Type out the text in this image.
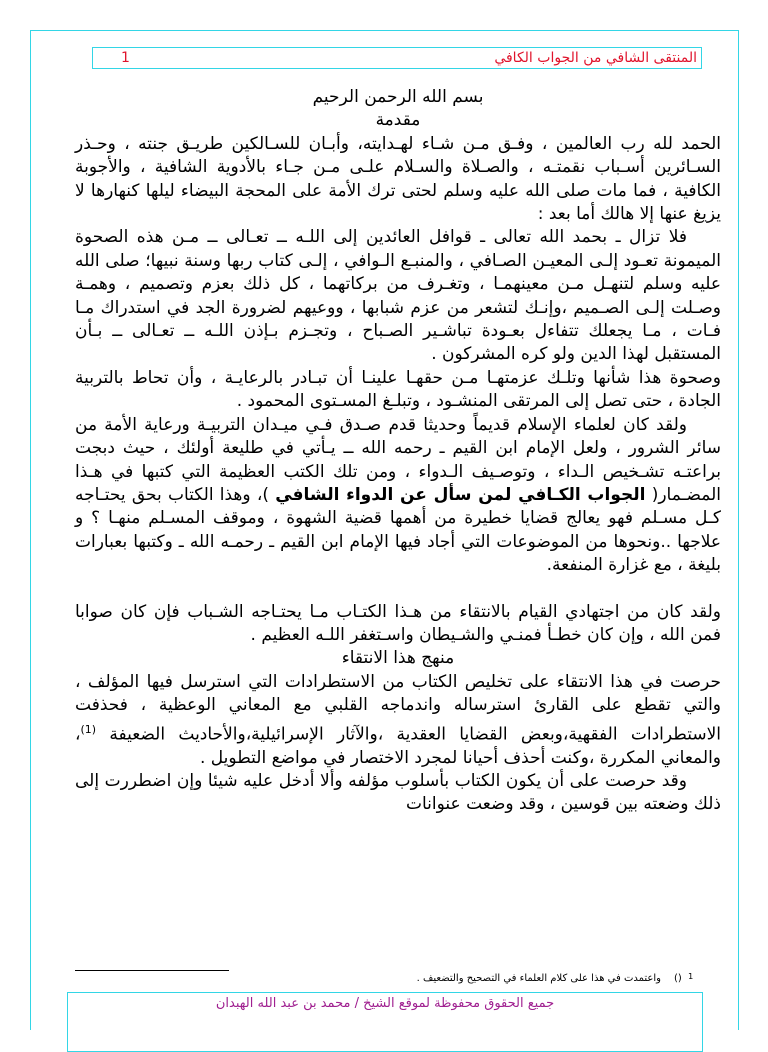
المنتقى الشافي من الجواب الكافي
1

بسم الله الرحمن الرحيم

مقدمة

الحمد لله رب العالمين ، وفـق مـن شـاء لهـدايته، وأبـان للسـالكين طريـق جنته ، وحـذر السـائرين أسـباب نقمتـه ، والصـلاة والسـلام علـى مـن جـاء بالأدوية الشافية ، والأجوبة الكافية ، فما مات صلى الله عليه وسلم لحتى ترك الأمة على المحجة البيضاء ليلها كنهارها لا يزيغ عنها إلا هالك أما بعد :

فلا تزال ـ بحمد الله تعالى ـ قوافل العائدين إلى اللـه ــ تعـالى ــ مـن هذه الصحوة الميمونة تعـود إلـى المعيـن الصـافي ، والمنبـع الـوافي ، إلـى كتاب ربها وسنة نبيها؛ صلى الله عليه وسلم لتنهـل مـن معينهمـا ، وتغـرف من بركاتهما ، كل ذلك بعزم وتصميم ، وهمـة وصـلت إلـى الصـميم ،وإنـك لتشعر من عزم شبابها ، ووعيهم لضرورة الجد في استدراك مـا فـات ، مـا يجعلك تتفاءل بعـودة تباشـير الصـباح ، وتجـزم بـإذن اللـه ــ تعـالى ــ بـأن المستقبل لهذا الدين ولو كره المشركون .

وصحوة هذا شأنها وتلـك عزمتهـا مـن حقهـا علينـا أن تبـادر بالرعايـة ، وأن تحاط بالتربية الجادة ، حتى تصل إلى المرتقى المنشـود ، وتبلـغ المسـتوى المحمود .

ولقد كان لعلماء الإسلام قديماً وحديثا قدم صـدق فـي ميـدان التربيـة ورعاية الأمة من سائر الشرور ، ولعل الإمام ابن القيم ـ رحمه الله ــ يـأتي في طليعة أولئك ، حيث دبجت براعتـه تشـخيص الـداء ، وتوصـيف الـدواء ، ومن تلك الكتب العظيمة التي كتبها في هـذا المضـمار( الجواب الكـافي لمن سأل عن الدواء الشافي )، وهذا الكتاب بحق يحتـاجه كـل مسـلم فهو يعالج قضايا خطيرة من أهمها قضية الشهوة ، وموقف المسـلم منهـا ؟ و علاجها ..ونحوها من الموضوعات التي أجاد فيها الإمام ابن القيم ـ رحمـه الله ـ وكتبها بعبارات بليغة ، مع غزارة المنفعة.

ولقد كان من اجتهادي القيام بالانتقاء من هـذا الكتـاب مـا يحتـاجه الشـباب فإن كان صوابا فمن الله ، وإن كان خطـأ فمنـي والشـيطان واسـتغفر اللـه العظيم .

منهج هذا الانتقاء

حرصت في هذا الانتقاء على تخليص الكتاب من الاستطرادات التي استرسل فيها المؤلف ، والتي تقطع على القارئ استرساله واندماجه القلبي مع المعاني الوعظية ، فحذفت الاستطرادات الفقهية،وبعض القضايا العقدية ،والآثار الإسرائيلية،والأحاديث الضعيفة $^{(1)}$، والمعاني المكررة ،وكنت أحذف أحيانا لمجرد الاختصار في مواضع التطويل .

وقد حرصت على أن يكون الكتاب بأسلوب مؤلفه وألا أدخل عليه شيئا وإن اضطررت إلى ذلك وضعته بين قوسين ، وقد وضعت عنوانات

1
()
واعتمدت في هذا على كلام العلماء في التصحيح والتضعيف .
جميع الحقوق محفوظة لموقع الشيخ / محمد بن عبد الله الهبدان
